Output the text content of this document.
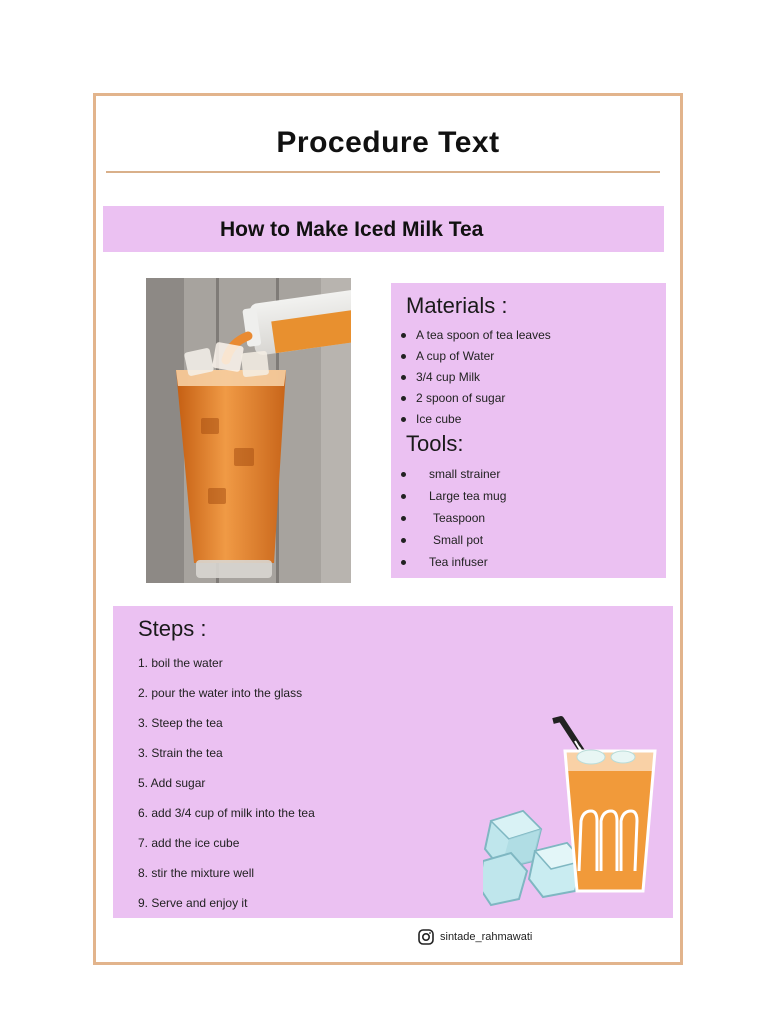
Procedure Text
How to Make Iced Milk Tea
Materials :
A tea spoon of tea leaves
A cup of Water
3/4 cup Milk
2 spoon of sugar
Ice cube
Tools:
small strainer
Large tea mug
Teaspoon
Small pot
Tea infuser
Steps :
1. boil the water
2. pour the water into the glass
3. Steep the tea
3. Strain the tea
5. Add sugar
6. add 3/4 cup of milk into the tea
7. add the ice cube
8. stir the mixture well
9. Serve and enjoy it
sintade_rahmawati
